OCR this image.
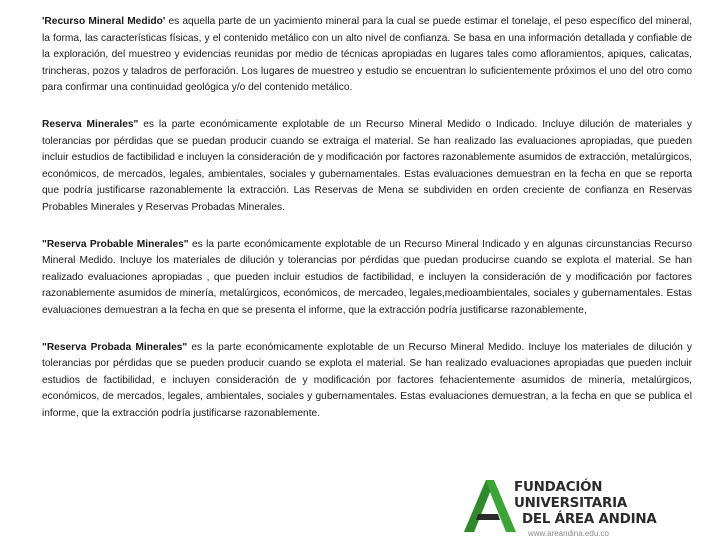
'Recurso Mineral Medido' es aquella parte de un yacimiento mineral para la cual se puede estimar el tonelaje, el peso específico del mineral, la forma, las características físicas, y el contenido metálico con un alto nivel de confianza. Se basa en una información detallada y confiable de la exploración, del muestreo y evidencias reunidas por medio de técnicas apropiadas en lugares tales como afloramientos, apiques, calicatas, trincheras, pozos y taladros de perforación. Los lugares de muestreo y estudio se encuentran lo suficientemente próximos el uno del otro como para confirmar una continuidad geológica y/o del contenido metálico.

Reserva Minerales" es la parte económicamente explotable de un Recurso Mineral Medido o Indicado. Incluye dilución de materiales y tolerancias por pérdidas que se puedan producir cuando se extraiga el material. Se han realizado las evaluaciones apropiadas, que pueden incluir estudios de factibilidad e incluyen la consideración de y modificación por factores razonablemente asumidos de extracción, metalúrgicos, económicos, de mercados, legales, ambientales, sociales y gubernamentales. Estas evaluaciones demuestran en la fecha en que se reporta que podría justificarse razonablemente la extracción. Las Reservas de Mena se subdividen en orden creciente de confianza en Reservas Probables Minerales y Reservas Probadas Minerales.

"Reserva Probable Minerales" es la parte económicamente explotable de un Recurso Mineral Indicado y en algunas circunstancias Recurso Mineral Medido. Incluye los materiales de dilución y tolerancias por pérdidas que puedan producirse cuando se explota el material. Se han realizado evaluaciones apropiadas , que pueden incluir estudios de factibilidad, e incluyen la consideración de y modificación por factores razonablemente asumidos de minería, metalúrgicos, económicos, de mercadeo, legales,medioambientales, sociales y gubernamentales. Estas evaluaciones demuestran a la fecha en que se presenta el informe, que la extracción podría justificarse razonablemente,

"Reserva Probada Minerales" es la parte económicamente explotable de un Recurso Mineral Medido. Incluye los materiales de dilución y tolerancias por pérdidas que se pueden producir cuando se explota el material. Se han realizado evaluaciones apropiadas que pueden incluir estudios de factibilidad, e incluyen consideración de y modificación por factores fehacientemente asumidos de minería, metalúrgicos, económicos, de mercados, legales, ambientales, sociales y gubernamentales. Estas evaluaciones demuestran, a la fecha en que se publica el informe, que la extracción podría justificarse razonablemente.

FUNDACIÓN UNIVERSITARIA
DEL ÁREA ANDINA
www.areandina.edu.co
